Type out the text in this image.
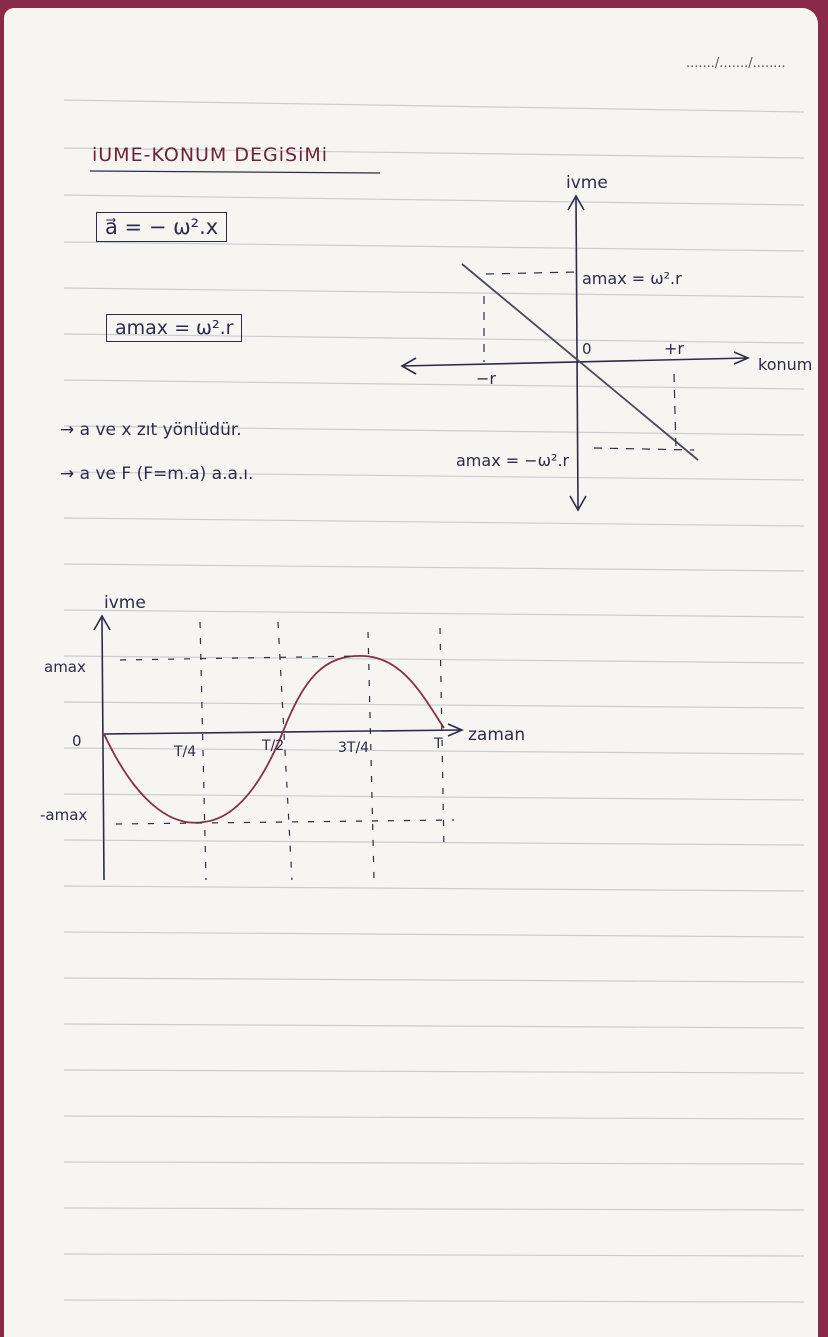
......./......./........
iUME-KONUM DEGiSiMi
a⃗ = − ω².x
amax = ω².r
→ a ve x zıt yönlüdür.
→ a ve F (F=m.a) a.a.ı.
ivme
konum
amax = ω².r
amax = −ω².r
0	+r
−r
ivme
zaman
amax
0
-amax
T/4	T/2	3T/4	T
